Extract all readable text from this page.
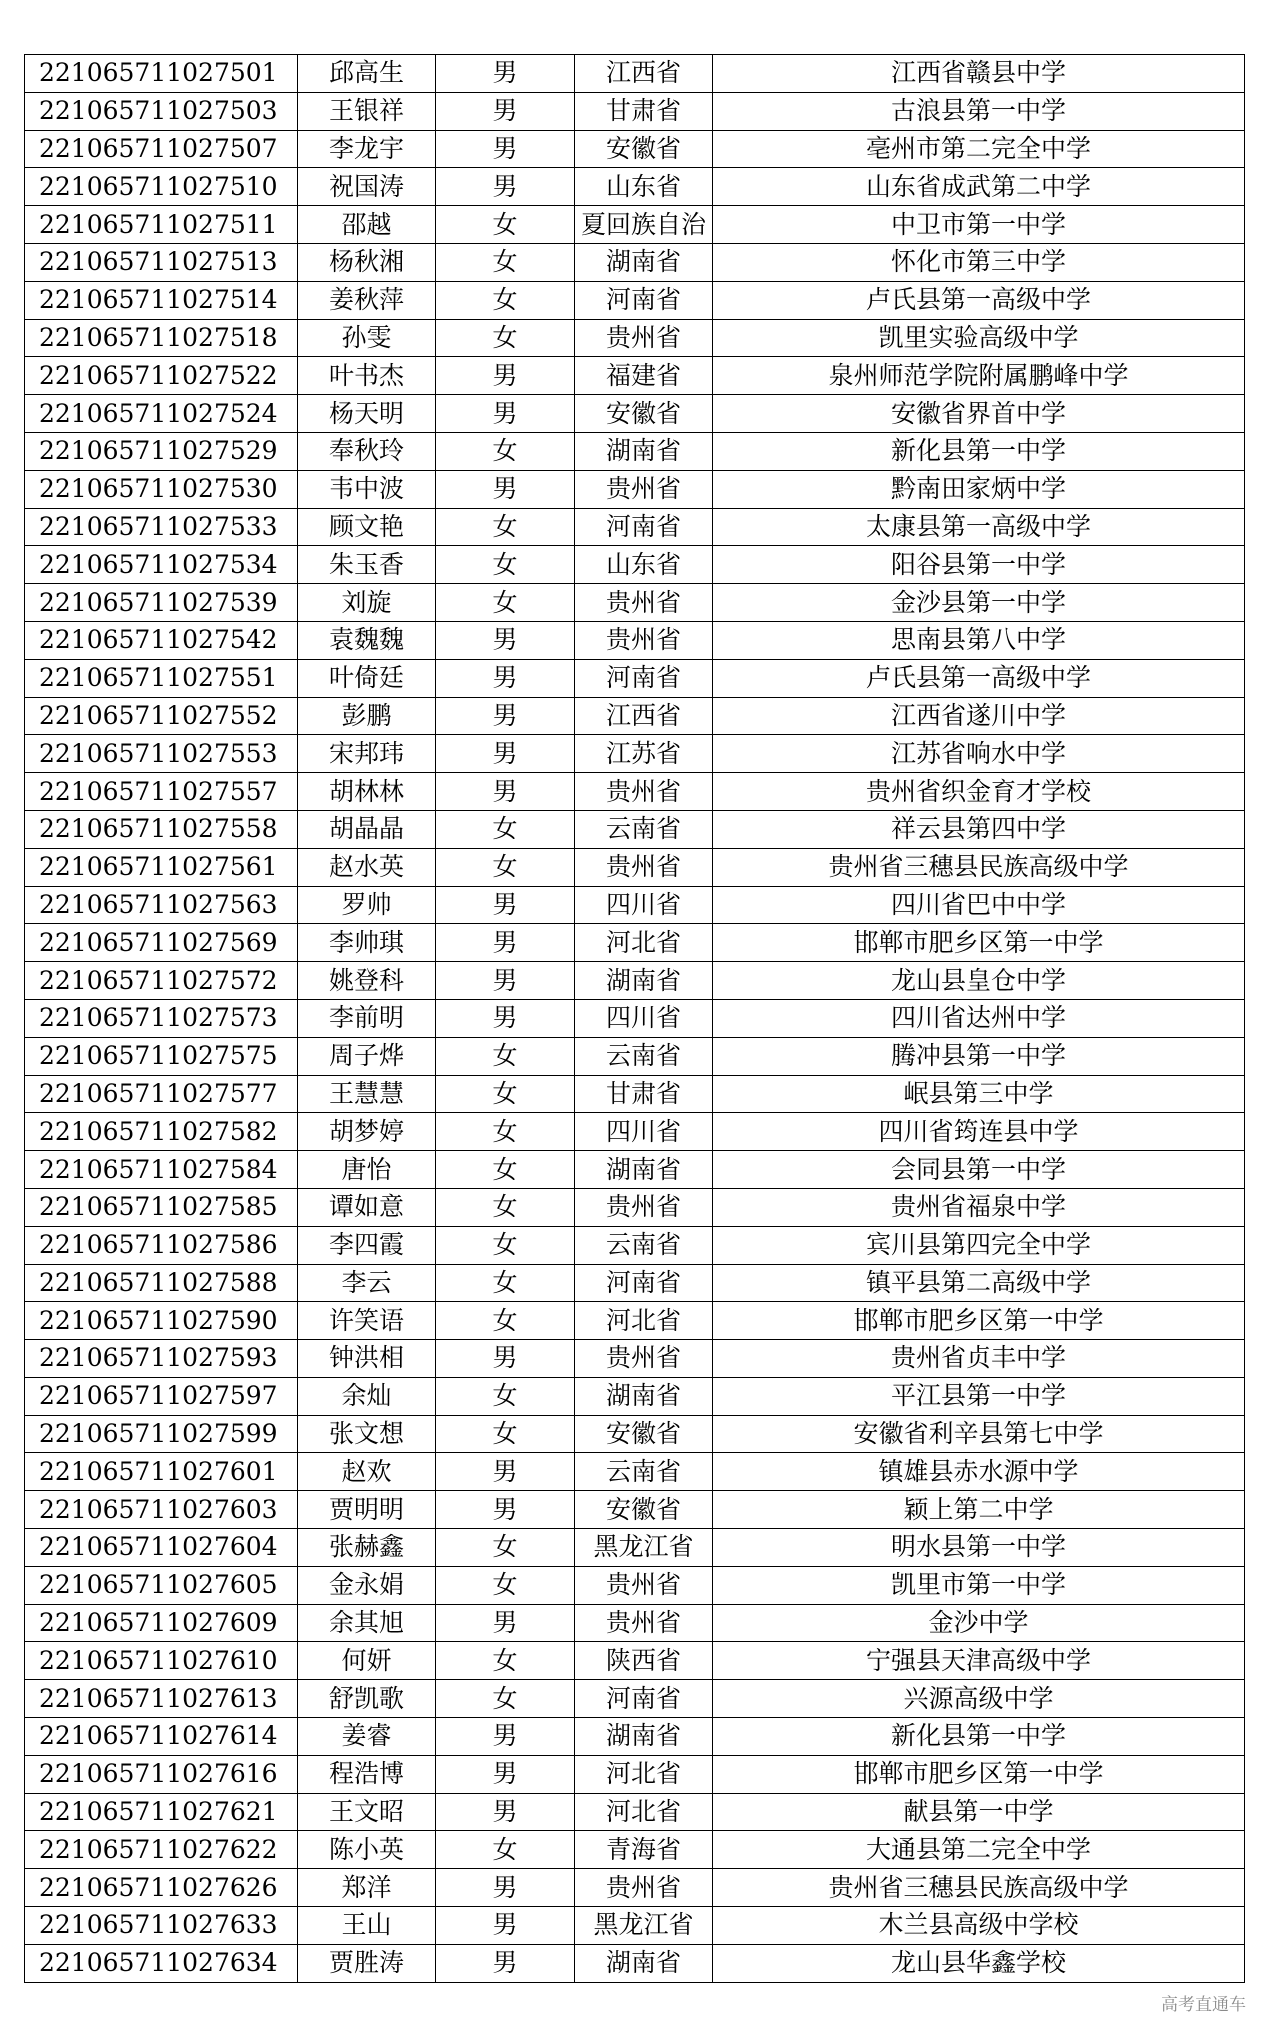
221065711027501	邱高生	男	江西省	江西省赣县中学
221065711027503	王银祥	男	甘肃省	古浪县第一中学
221065711027507	李龙宇	男	安徽省	亳州市第二完全中学
221065711027510	祝国涛	男	山东省	山东省成武第二中学
221065711027511	邵越	女	夏回族自治	中卫市第一中学
221065711027513	杨秋湘	女	湖南省	怀化市第三中学
221065711027514	姜秋萍	女	河南省	卢氏县第一高级中学
221065711027518	孙雯	女	贵州省	凯里实验高级中学
221065711027522	叶书杰	男	福建省	泉州师范学院附属鹏峰中学
221065711027524	杨天明	男	安徽省	安徽省界首中学
221065711027529	奉秋玲	女	湖南省	新化县第一中学
221065711027530	韦中波	男	贵州省	黔南田家炳中学
221065711027533	顾文艳	女	河南省	太康县第一高级中学
221065711027534	朱玉香	女	山东省	阳谷县第一中学
221065711027539	刘旋	女	贵州省	金沙县第一中学
221065711027542	袁魏魏	男	贵州省	思南县第八中学
221065711027551	叶倚廷	男	河南省	卢氏县第一高级中学
221065711027552	彭鹏	男	江西省	江西省遂川中学
221065711027553	宋邦玮	男	江苏省	江苏省响水中学
221065711027557	胡林林	男	贵州省	贵州省织金育才学校
221065711027558	胡晶晶	女	云南省	祥云县第四中学
221065711027561	赵水英	女	贵州省	贵州省三穗县民族高级中学
221065711027563	罗帅	男	四川省	四川省巴中中学
221065711027569	李帅琪	男	河北省	邯郸市肥乡区第一中学
221065711027572	姚登科	男	湖南省	龙山县皇仓中学
221065711027573	李前明	男	四川省	四川省达州中学
221065711027575	周子烨	女	云南省	腾冲县第一中学
221065711027577	王慧慧	女	甘肃省	岷县第三中学
221065711027582	胡梦婷	女	四川省	四川省筠连县中学
221065711027584	唐怡	女	湖南省	会同县第一中学
221065711027585	谭如意	女	贵州省	贵州省福泉中学
221065711027586	李四霞	女	云南省	宾川县第四完全中学
221065711027588	李云	女	河南省	镇平县第二高级中学
221065711027590	许笑语	女	河北省	邯郸市肥乡区第一中学
221065711027593	钟洪相	男	贵州省	贵州省贞丰中学
221065711027597	余灿	女	湖南省	平江县第一中学
221065711027599	张文想	女	安徽省	安徽省利辛县第七中学
221065711027601	赵欢	男	云南省	镇雄县赤水源中学
221065711027603	贾明明	男	安徽省	颖上第二中学
221065711027604	张赫鑫	女	黑龙江省	明水县第一中学
221065711027605	金永娟	女	贵州省	凯里市第一中学
221065711027609	余其旭	男	贵州省	金沙中学
221065711027610	何妍	女	陕西省	宁强县天津高级中学
221065711027613	舒凯歌	女	河南省	兴源高级中学
221065711027614	姜睿	男	湖南省	新化县第一中学
221065711027616	程浩博	男	河北省	邯郸市肥乡区第一中学
221065711027621	王文昭	男	河北省	献县第一中学
221065711027622	陈小英	女	青海省	大通县第二完全中学
221065711027626	郑洋	男	贵州省	贵州省三穗县民族高级中学
221065711027633	王山	男	黑龙江省	木兰县高级中学校
221065711027634	贾胜涛	男	湖南省	龙山县华鑫学校
高考直通车
